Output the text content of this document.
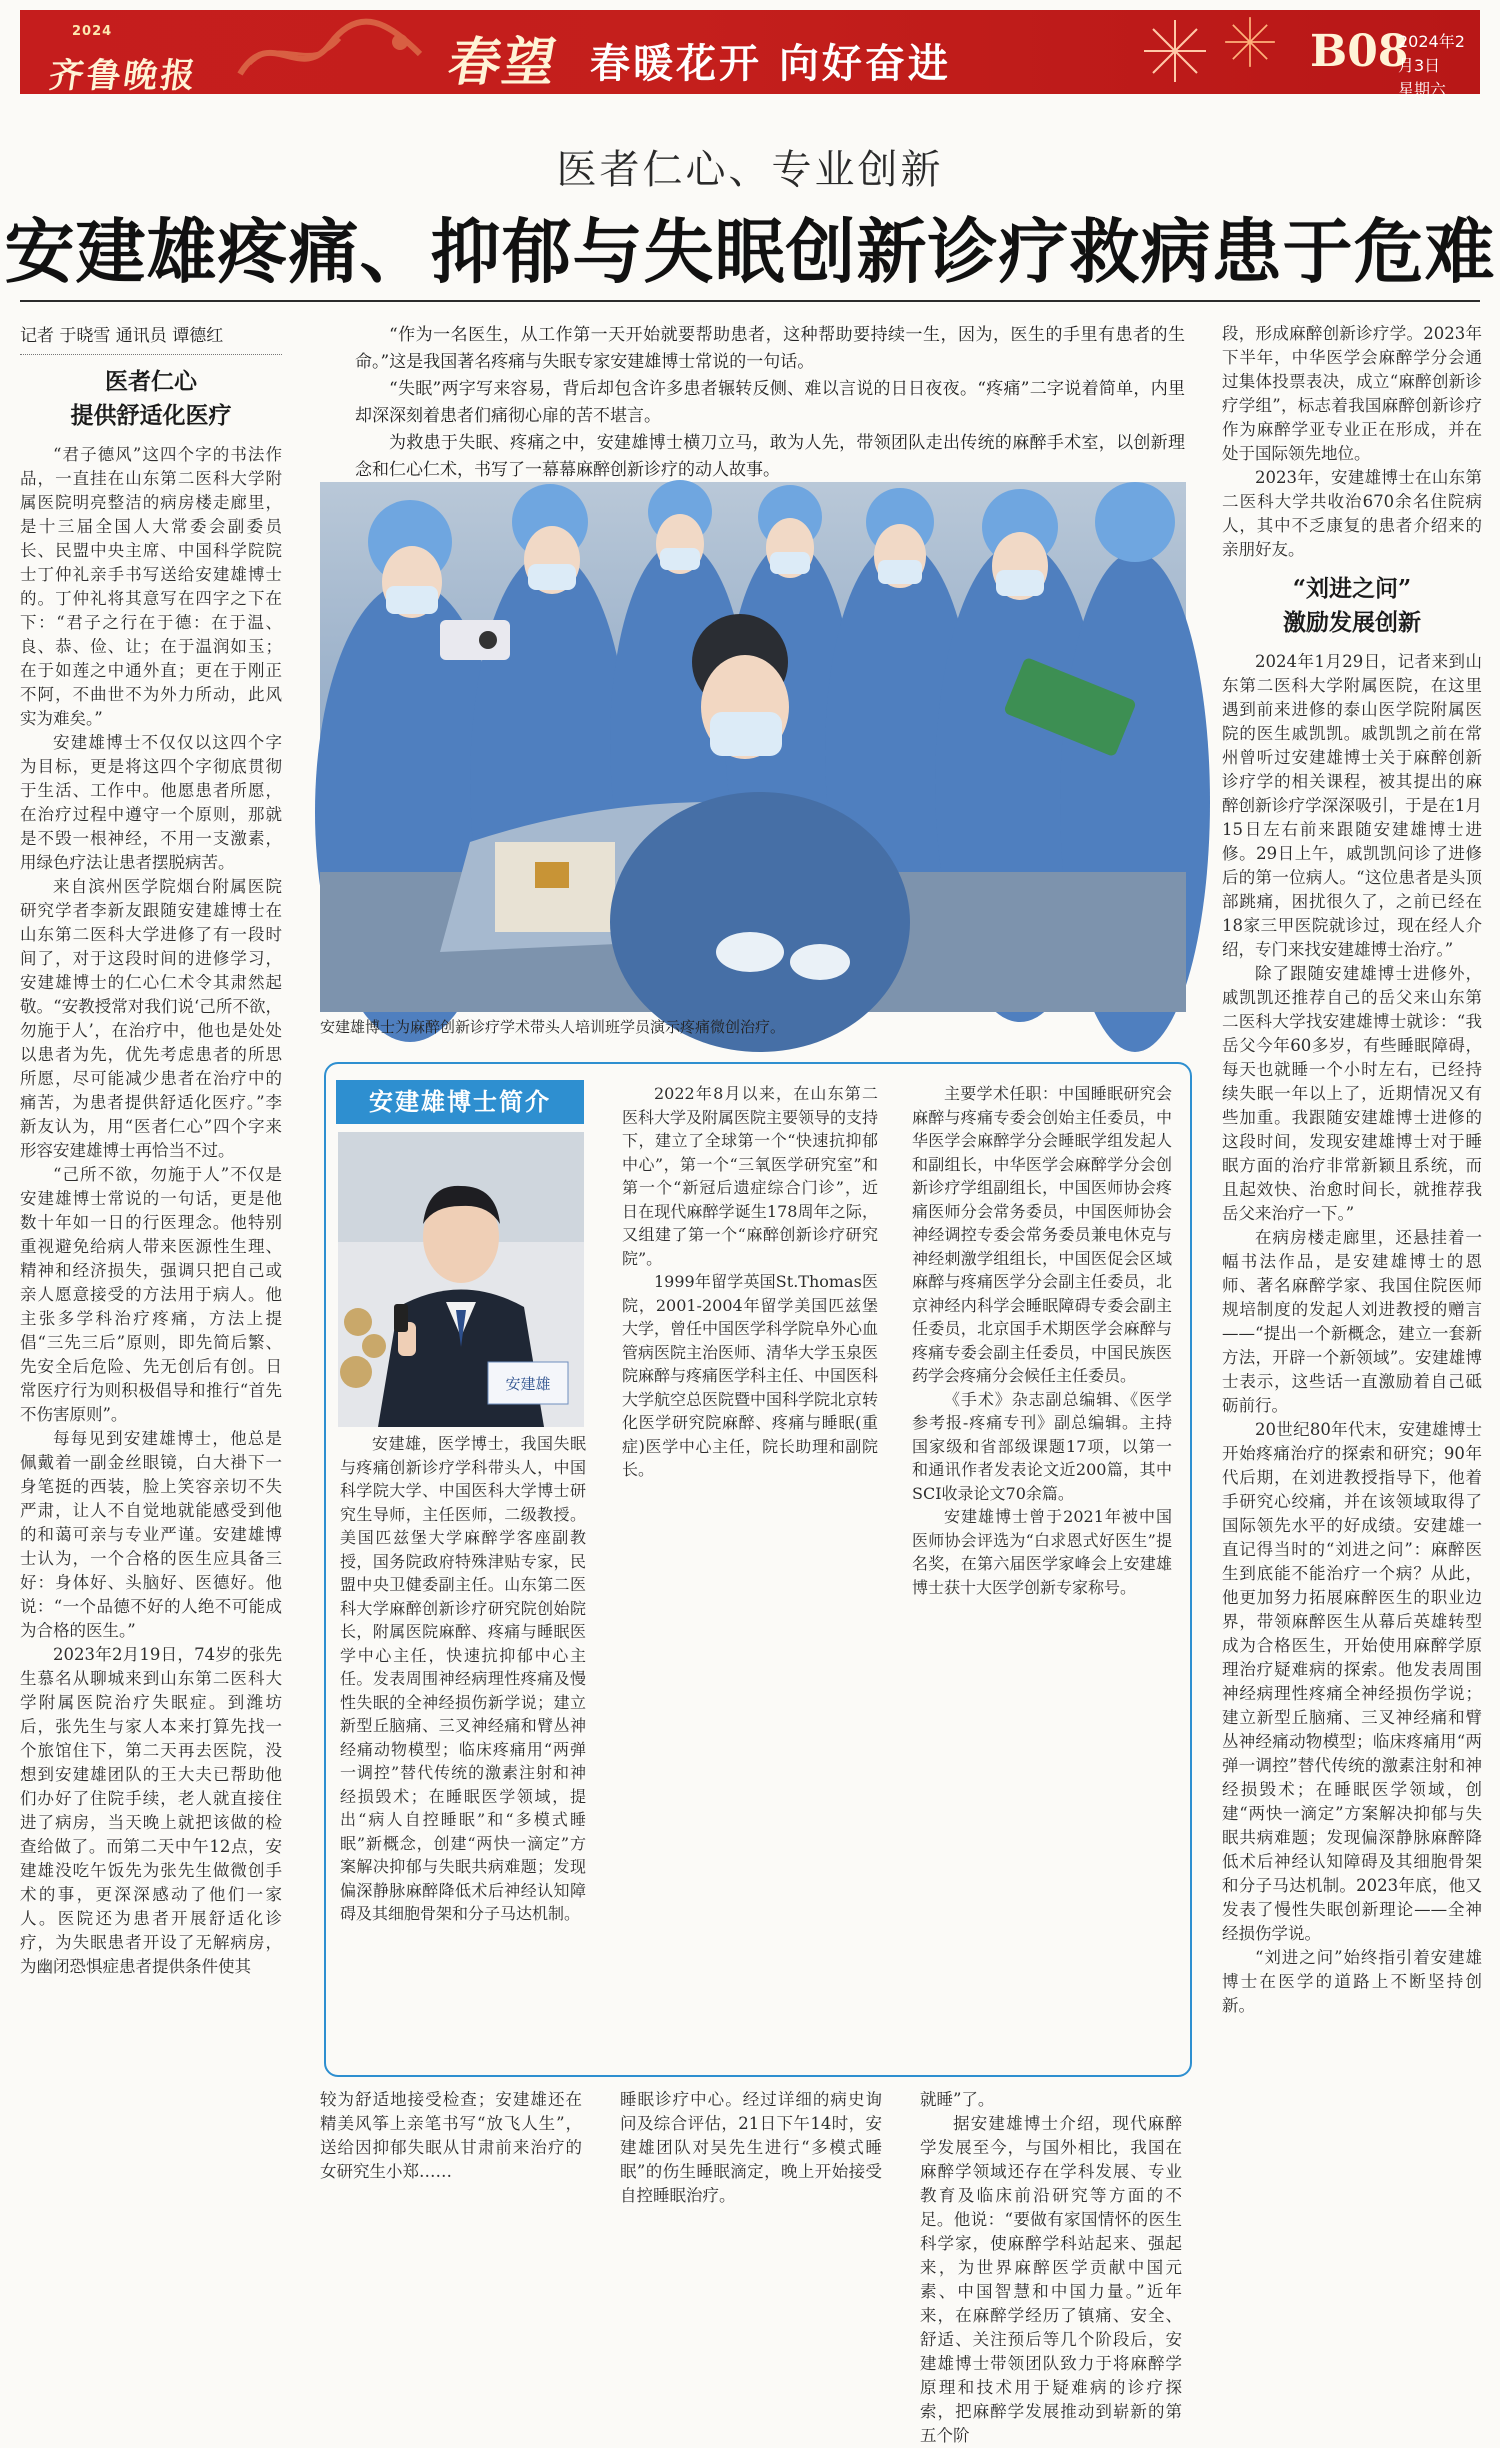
2024
齐鲁晚报	春望 春暖花开 向好奋进	B08
2024年2月3日
星期六
医者仁心、专业创新
安建雄疼痛、抑郁与失眠创新诊疗救病患于危难
记者 于晓雪 通讯员 谭德红
医者仁心
提供舒适化医疗

“君子德风”这四个字的书法作品，一直挂在山东第二医科大学附属医院明亮整洁的病房楼走廊里，是十三届全国人大常委会副委员长、民盟中央主席、中国科学院院士丁仲礼亲手书写送给安建雄博士的。丁仲礼将其意写在四字之下在下：“君子之行在于德：在于温、良、恭、俭、让；在于温润如玉；在于如莲之中通外直；更在于刚正不阿，不曲世不为外力所动，此风实为难矣。”

安建雄博士不仅仅以这四个字为目标，更是将这四个字彻底贯彻于生活、工作中。他愿患者所愿，在治疗过程中遵守一个原则，那就是不毁一根神经，不用一支激素，用绿色疗法让患者摆脱病苦。

来自滨州医学院烟台附属医院研究学者李新友跟随安建雄博士在山东第二医科大学进修了有一段时间了，对于这段时间的进修学习，安建雄博士的仁心仁术令其肃然起敬。“安教授常对我们说‘己所不欲，勿施于人’，在治疗中，他也是处处以患者为先，优先考虑患者的所思所愿，尽可能减少患者在治疗中的痛苦，为患者提供舒适化医疗。”李新友认为，用“医者仁心”四个字来形容安建雄博士再恰当不过。

“己所不欲，勿施于人”不仅是安建雄博士常说的一句话，更是他数十年如一日的行医理念。他特别重视避免给病人带来医源性生理、精神和经济损失，强调只把自己或亲人愿意接受的方法用于病人。他主张多学科治疗疼痛，方法上提倡“三先三后”原则，即先简后繁、先安全后危险、先无创后有创。日常医疗行为则积极倡导和推行“首先不伤害原则”。

每每见到安建雄博士，他总是佩戴着一副金丝眼镜，白大褂下一身笔挺的西装，脸上笑容亲切不失严肃，让人不自觉地就能感受到他的和蔼可亲与专业严谨。安建雄博士认为，一个合格的医生应具备三好：身体好、头脑好、医德好。他说：“一个品德不好的人绝不可能成为合格的医生。”

2023年2月19日，74岁的张先生慕名从聊城来到山东第二医科大学附属医院治疗失眠症。到潍坊后，张先生与家人本来打算先找一个旅馆住下，第二天再去医院，没想到安建雄团队的王大夫已帮助他们办好了住院手续，老人就直接住进了病房，当天晚上就把该做的检查给做了。而第二天中午12点，安建雄没吃午饭先为张先生做微创手术的事，更深深感动了他们一家人。医院还为患者开展舒适化诊疗，为失眠患者开设了无解病房，为幽闭恐惧症患者提供条件使其

“作为一名医生，从工作第一天开始就要帮助患者，这种帮助要持续一生，因为，医生的手里有患者的生命。”这是我国著名疼痛与失眠专家安建雄博士常说的一句话。

“失眠”两字写来容易，背后却包含许多患者辗转反侧、难以言说的日日夜夜。“疼痛”二字说着简单，内里却深深刻着患者们痛彻心扉的苦不堪言。

为救患于失眠、疼痛之中，安建雄博士横刀立马，敢为人先，带领团队走出传统的麻醉手术室，以创新理念和仁心仁术，书写了一幕幕麻醉创新诊疗的动人故事。

安建雄博士为麻醉创新诊疗学术带头人培训班学员演示疼痛微创治疗。
安建雄博士简介
安建雄

安建雄，医学博士，我国失眠与疼痛创新诊疗学科带头人，中国科学院大学、中国医科大学博士研究生导师，主任医师，二级教授。美国匹兹堡大学麻醉学客座副教授，国务院政府特殊津贴专家，民盟中央卫健委副主任。山东第二医科大学麻醉创新诊疗研究院创始院长，附属医院麻醉、疼痛与睡眠医学中心主任，快速抗抑郁中心主任。发表周围神经病理性疼痛及慢性失眠的全神经损伤新学说；建立新型丘脑痛、三叉神经痛和臂丛神经痛动物模型；临床疼痛用“两弹一调控”替代传统的激素注射和神经损毁术；在睡眠医学领域，提出“病人自控睡眠”和“多模式睡眠”新概念，创建“两快一滴定”方案解决抑郁与失眠共病难题；发现偏深静脉麻醉降低术后神经认知障碍及其细胞骨架和分子马达机制。

2022年8月以来，在山东第二医科大学及附属医院主要领导的支持下，建立了全球第一个“快速抗抑郁中心”，第一个“三氧医学研究室”和第一个“新冠后遗症综合门诊”，近日在现代麻醉学诞生178周年之际，又组建了第一个“麻醉创新诊疗研究院”。

1999年留学英国St.Thomas医院，2001-2004年留学美国匹兹堡大学，曾任中国医学科学院阜外心血管病医院主治医师、清华大学玉泉医院麻醉与疼痛医学科主任、中国医科大学航空总医院暨中国科学院北京转化医学研究院麻醉、疼痛与睡眠(重症)医学中心主任，院长助理和副院长。

主要学术任职：中国睡眠研究会麻醉与疼痛专委会创始主任委员，中华医学会麻醉学分会睡眠学组发起人和副组长，中华医学会麻醉学分会创新诊疗学组副组长，中国医师协会疼痛医师分会常务委员，中国医师协会神经调控专委会常务委员兼电休克与神经刺激学组组长，中国医促会区域麻醉与疼痛医学分会副主任委员，北京神经内科学会睡眠障碍专委会副主任委员，北京国手术期医学会麻醉与疼痛专委会副主任委员，中国民族医药学会疼痛分会候任主任委员。

《手术》杂志副总编辑、《医学参考报-疼痛专刊》副总编辑。主持国家级和省部级课题17项，以第一和通讯作者发表论文近200篇，其中SCI收录论文70余篇。

安建雄博士曾于2021年被中国医师协会评选为“白求恩式好医生”提名奖，在第六届医学家峰会上安建雄博士获十大医学创新专家称号。

较为舒适地接受检查；安建雄还在精美风筝上亲笔书写“放飞人生”，送给因抑郁失眠从甘肃前来治疗的女研究生小郑……
睡眠诊疗中心。经过详细的病史询问及综合评估，21日下午14时，安建雄团队对吴先生进行“多模式睡眠”的伤生睡眠滴定，晚上开始接受自控睡眠治疗。
就睡”了。

据安建雄博士介绍，现代麻醉学发展至今，与国外相比，我国在麻醉学领域还存在学科发展、专业教育及临床前沿研究等方面的不足。他说：“要做有家国情怀的医生科学家，使麻醉学科站起来、强起来，为世界麻醉医学贡献中国元素、中国智慧和中国力量。”近年来，在麻醉学经历了镇痛、安全、舒适、关注预后等几个阶段后，安建雄博士带领团队致力于将麻醉学原理和技术用于疑难病的诊疗探索，把麻醉学发展推动到崭新的第五个阶

段，形成麻醉创新诊疗学。2023年下半年，中华医学会麻醉学分会通过集体投票表决，成立“麻醉创新诊疗学组”，标志着我国麻醉创新诊疗作为麻醉学亚专业正在形成，并在处于国际领先地位。

2023年，安建雄博士在山东第二医科大学共收治670余名住院病人，其中不乏康复的患者介绍来的亲朋好友。

“刘进之问”
激励发展创新

2024年1月29日，记者来到山东第二医科大学附属医院，在这里遇到前来进修的泰山医学院附属医院的医生戚凯凯。戚凯凯之前在常州曾听过安建雄博士关于麻醉创新诊疗学的相关课程，被其提出的麻醉创新诊疗学深深吸引，于是在1月15日左右前来跟随安建雄博士进修。29日上午，戚凯凯问诊了进修后的第一位病人。“这位患者是头顶部跳痛，困扰很久了，之前已经在18家三甲医院就诊过，现在经人介绍，专门来找安建雄博士治疗。”

除了跟随安建雄博士进修外，戚凯凯还推荐自己的岳父来山东第二医科大学找安建雄博士就诊：“我岳父今年60多岁，有些睡眠障碍，每天也就睡一个小时左右，已经持续失眠一年以上了，近期情况又有些加重。我跟随安建雄博士进修的这段时间，发现安建雄博士对于睡眠方面的治疗非常新颖且系统，而且起效快、治愈时间长，就推荐我岳父来治疗一下。”

在病房楼走廊里，还悬挂着一幅书法作品，是安建雄博士的恩师、著名麻醉学家、我国住院医师规培制度的发起人刘进教授的赠言——“提出一个新概念，建立一套新方法，开辟一个新领域”。安建雄博士表示，这些话一直激励着自己砥砺前行。

20世纪80年代末，安建雄博士开始疼痛治疗的探索和研究；90年代后期，在刘进教授指导下，他着手研究心绞痛，并在该领域取得了国际领先水平的好成绩。安建雄一直记得当时的“刘进之问”：麻醉医生到底能不能治疗一个病？从此，他更加努力拓展麻醉医生的职业边界，带领麻醉医生从幕后英雄转型成为合格医生，开始使用麻醉学原理治疗疑难病的探索。他发表周围神经病理性疼痛全神经损伤学说；建立新型丘脑痛、三叉神经痛和臂丛神经痛动物模型；临床疼痛用“两弹一调控”替代传统的激素注射和神经损毁术；在睡眠医学领域，创建“两快一滴定”方案解决抑郁与失眠共病难题；发现偏深静脉麻醉降低术后神经认知障碍及其细胞骨架和分子马达机制。2023年底，他又发表了慢性失眠创新理论——全神经损伤学说。

“刘进之问”始终指引着安建雄博士在医学的道路上不断坚持创新。
